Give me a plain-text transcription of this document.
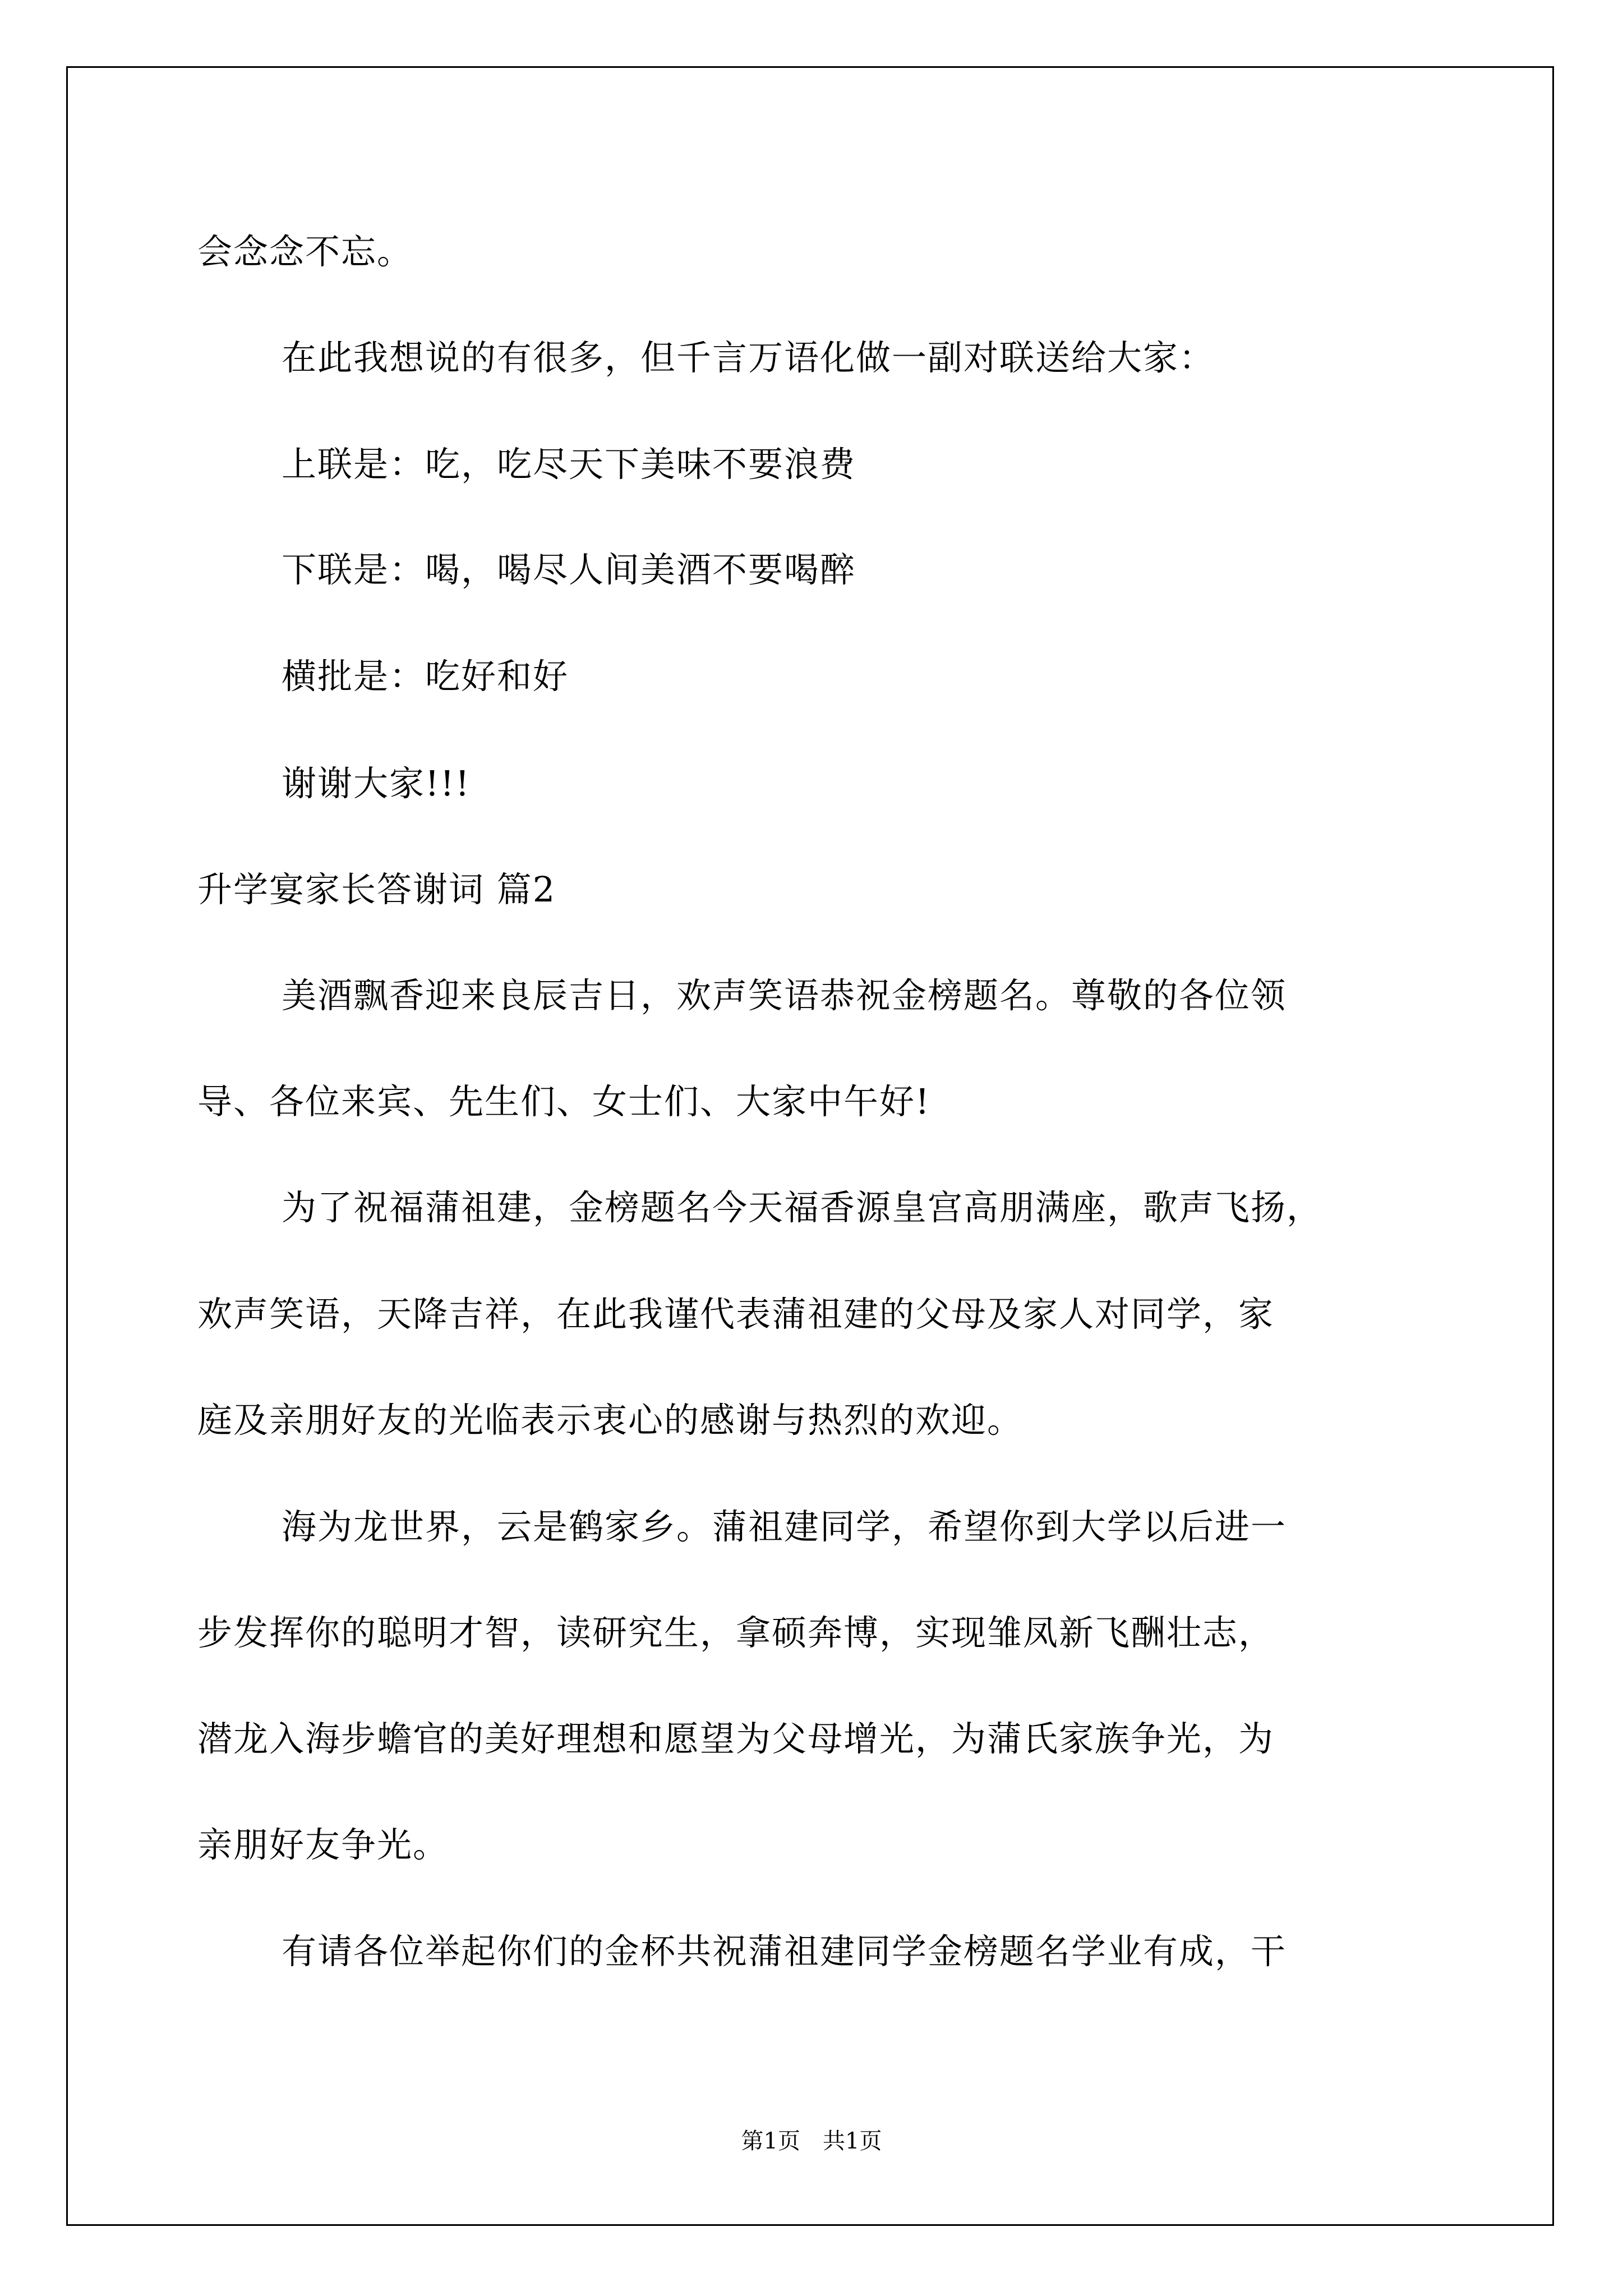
会念念不忘。
在此我想说的有很多，但千言万语化做一副对联送给大家：
上联是：吃，吃尽天下美味不要浪费
下联是：喝，喝尽人间美酒不要喝醉
横批是：吃好和好
谢谢大家!!!
升学宴家长答谢词 篇2
美酒飘香迎来良辰吉日，欢声笑语恭祝金榜题名。尊敬的各位领
导、各位来宾、先生们、女士们、大家中午好!
为了祝福蒲祖建，金榜题名今天福香源皇宫高朋满座，歌声飞扬，
欢声笑语，天降吉祥，在此我谨代表蒲祖建的父母及家人对同学，家
庭及亲朋好友的光临表示衷心的感谢与热烈的欢迎。
海为龙世界，云是鹤家乡。蒲祖建同学，希望你到大学以后进一
步发挥你的聪明才智，读研究生，拿硕奔博，实现雏凤新飞酬壮志，
潜龙入海步蟾官的美好理想和愿望为父母增光，为蒲氏家族争光，为
亲朋好友争光。
有请各位举起你们的金杯共祝蒲祖建同学金榜题名学业有成，干
第1页　共1页
